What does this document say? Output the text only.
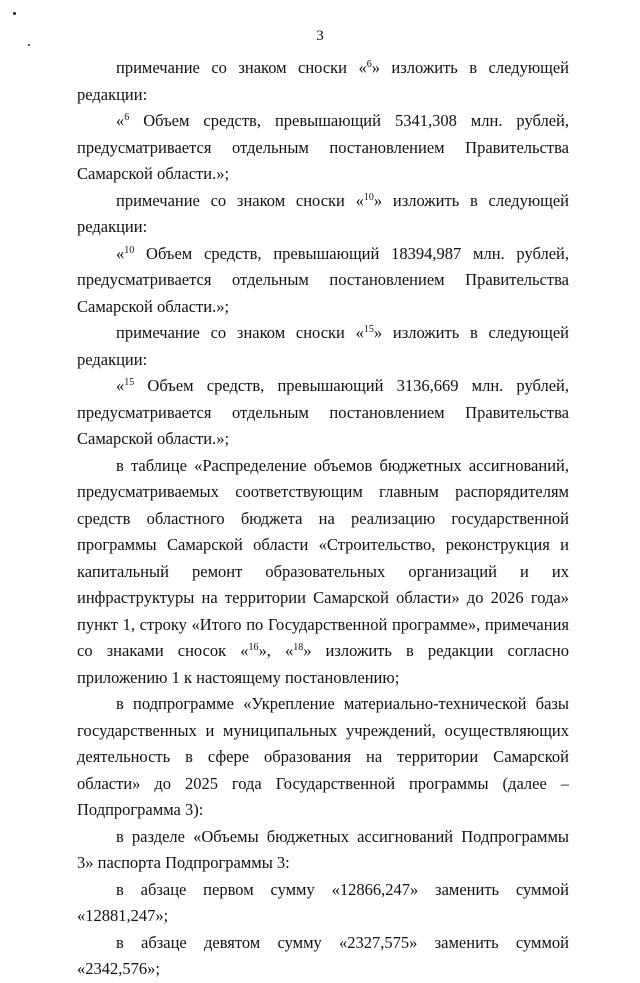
3

примечание со знаком сноски «$^6$» изложить в следующей редакции:

«$^6$ Объем средств, превышающий 5341,308 млн. рублей, предусматривается отдельным постановлением Правительства Самарской области.»;

примечание со знаком сноски «$^{10}$» изложить в следующей редакции:

«$^{10}$ Объем средств, превышающий 18394,987 млн. рублей, предусматривается отдельным постановлением Правительства Самарской области.»;

примечание со знаком сноски «$^{15}$» изложить в следующей редакции:

«$^{15}$ Объем средств, превышающий 3136,669 млн. рублей, предусматривается отдельным постановлением Правительства Самарской области.»;

в таблице «Распределение объемов бюджетных ассигнований, предусматриваемых соответствующим главным распорядителям средств областного бюджета на реализацию государственной программы Самарской области «Строительство, реконструкция и капитальный ремонт образовательных организаций и их инфраструктуры на территории Самарской области» до 2026 года» пункт 1, строку «Итого по Государственной программе», примечания со знаками сносок «$^{16}$», «$^{18}$» изложить в редакции согласно приложению 1 к настоящему постановлению;

в подпрограмме «Укрепление материально-технической базы государственных и муниципальных учреждений, осуществляющих деятельность в сфере образования на территории Самарской области» до 2025 года Государственной программы (далее – Подпрограмма 3):

в разделе «Объемы бюджетных ассигнований Подпрограммы 3» паспорта Подпрограммы 3:

в абзаце первом сумму «12866,247» заменить суммой «12881,247»;

в абзаце девятом сумму «2327,575» заменить суммой «2342,576»;
